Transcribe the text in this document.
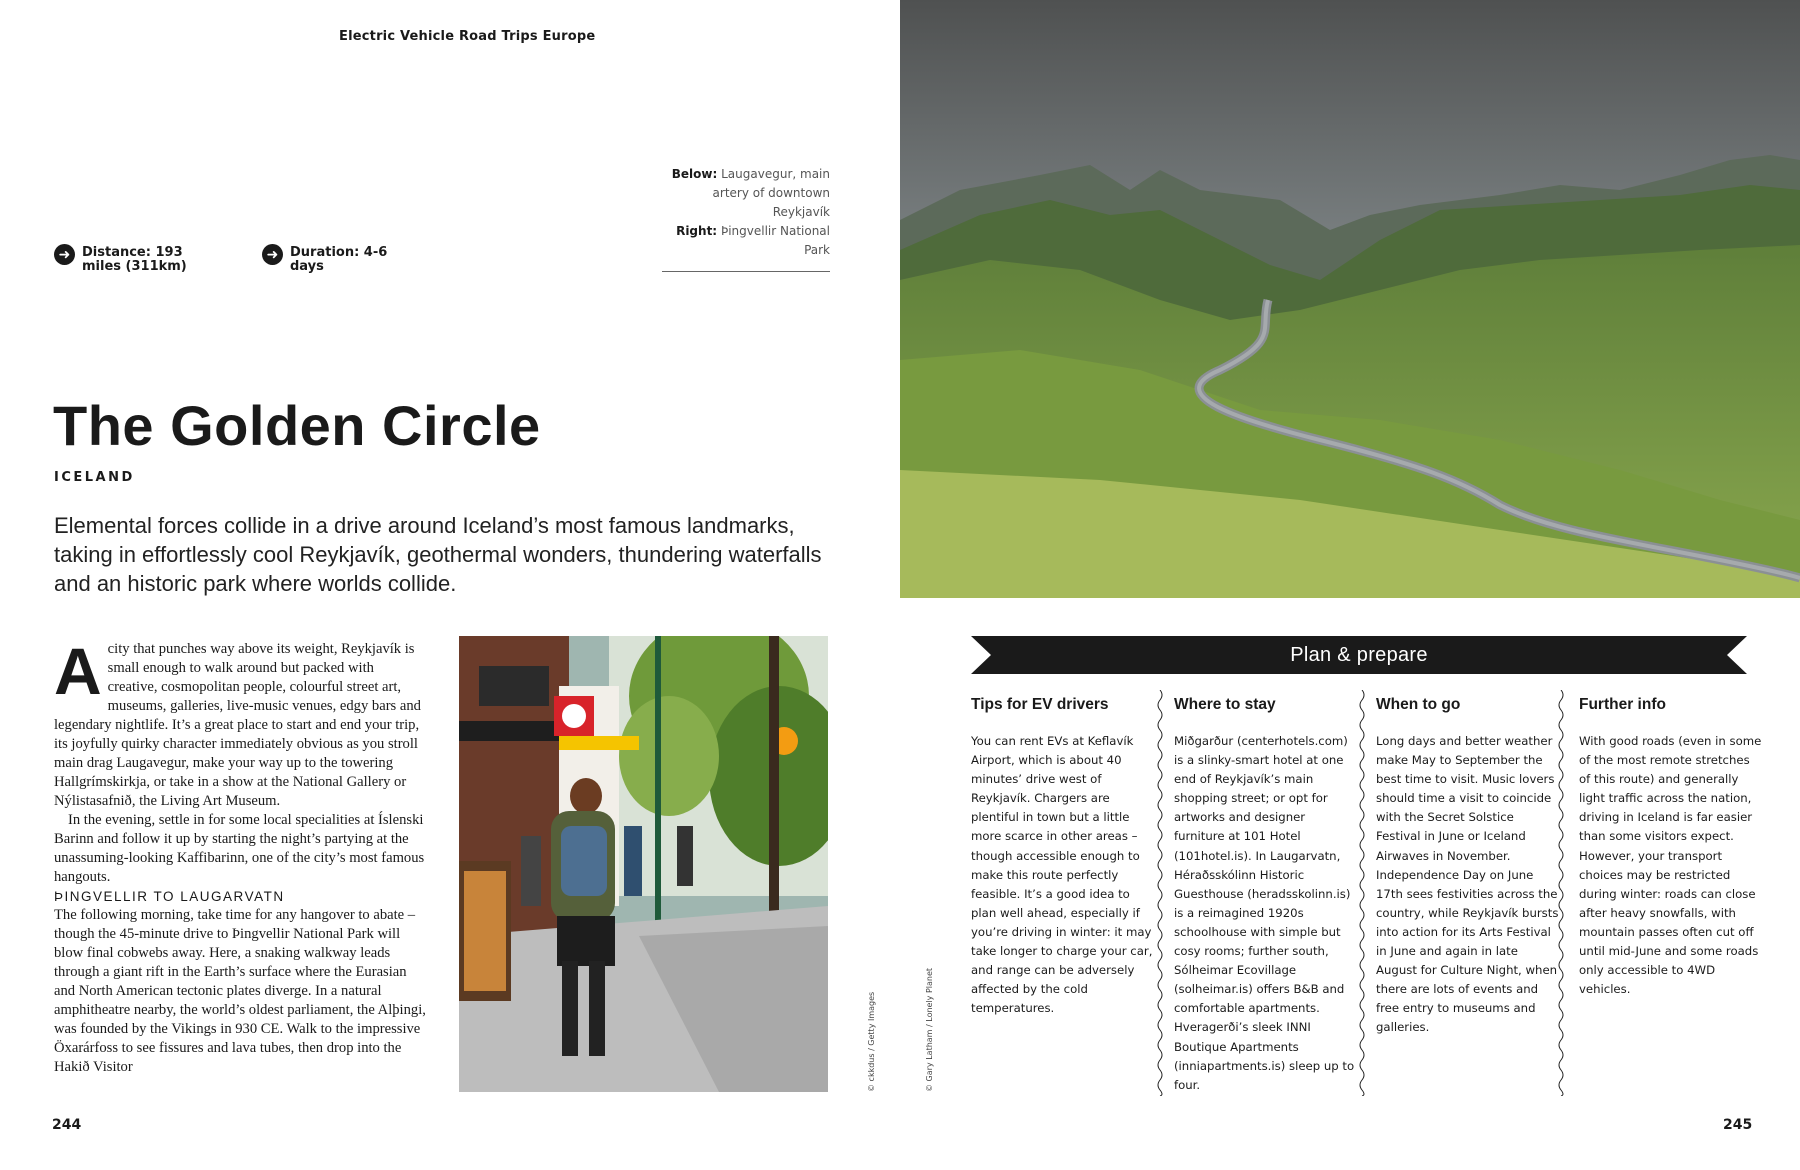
Electric Vehicle Road Trips Europe
Below: Laugavegur, main artery of downtown Reykjavík
Right: Þingvellir National Park
➜ Distance: 193 miles (311km)
➜ Duration: 4-6 days
The Golden Circle
ICELAND

Elemental forces collide in a drive around Iceland’s most famous landmarks, taking in effortlessly cool Reykjavík, geothermal wonders, thundering waterfalls and an historic park where worlds collide.

A city that punches way above its weight, Reykjavík is small enough to walk around but packed with creative, cosmopolitan people, colourful street art, museums, galleries, live-music venues, edgy bars and legendary nightlife. It’s a great place to start and end your trip, its joyfully quirky character immediately obvious as you stroll main drag Laugavegur, make your way up to the towering Hallgrímskirkja, or take in a show at the National Gallery or Nýlistasafnið, the Living Art Museum.

In the evening, settle in for some local specialities at Íslenski Barinn and follow it up by starting the night’s partying at the unassuming-looking Kaffibarinn, one of the city’s most famous hangouts.

ÞINGVELLIR TO LAUGARVATN

The following morning, take time for any hangover to abate – though the 45-minute drive to Þingvellir National Park will blow final cobwebs away. Here, a snaking walkway leads through a giant rift in the Earth’s surface where the Eurasian and North American tectonic plates diverge. In a natural amphitheatre nearby, the world’s oldest parliament, the Alþingi, was founded by the Vikings in 930 CE. Walk to the impressive Öxarárfoss to see fissures and lava tubes, then drop into the Hakið Visitor	© ckkdus / Getty Images	© Gary Latham / Lonely Planet
244
Plan & prepare
Tips for EV drivers

You can rent EVs at Keflavík Airport, which is about 40 minutes’ drive west of Reykjavík. Chargers are plentiful in town but a little more scarce in other areas – though accessible enough to make this route perfectly feasible. It’s a good idea to plan well ahead, especially if you’re driving in winter: it may take longer to charge your car, and range can be adversely affected by the cold temperatures.

Where to stay

Miðgarður (centerhotels.com) is a slinky-smart hotel at one end of Reykjavík’s main shopping street; or opt for artworks and designer furniture at 101 Hotel (101hotel.is). In Laugarvatn, Héraðsskólinn Historic Guesthouse (heradsskolinn.is) is a reimagined 1920s schoolhouse with simple but cosy rooms; further south, Sólheimar Ecovillage (solheimar.is) offers B&B and comfortable apartments. Hveragerði’s sleek INNI Boutique Apartments (inniapartments.is) sleep up to four.

When to go

Long days and better weather make May to September the best time to visit. Music lovers should time a visit to coincide with the Secret Solstice Festival in June or Iceland Airwaves in November. Independence Day on June 17th sees festivities across the country, while Reykjavík bursts into action for its Arts Festival in June and again in late August for Culture Night, when there are lots of events and free entry to museums and galleries.

Further info

With good roads (even in some of the most remote stretches of this route) and generally light traffic across the nation, driving in Iceland is far easier than some visitors expect. However, your transport choices may be restricted during winter: roads can close after heavy snowfalls, with mountain passes often cut off until mid-June and some roads only accessible to 4WD vehicles.

245
